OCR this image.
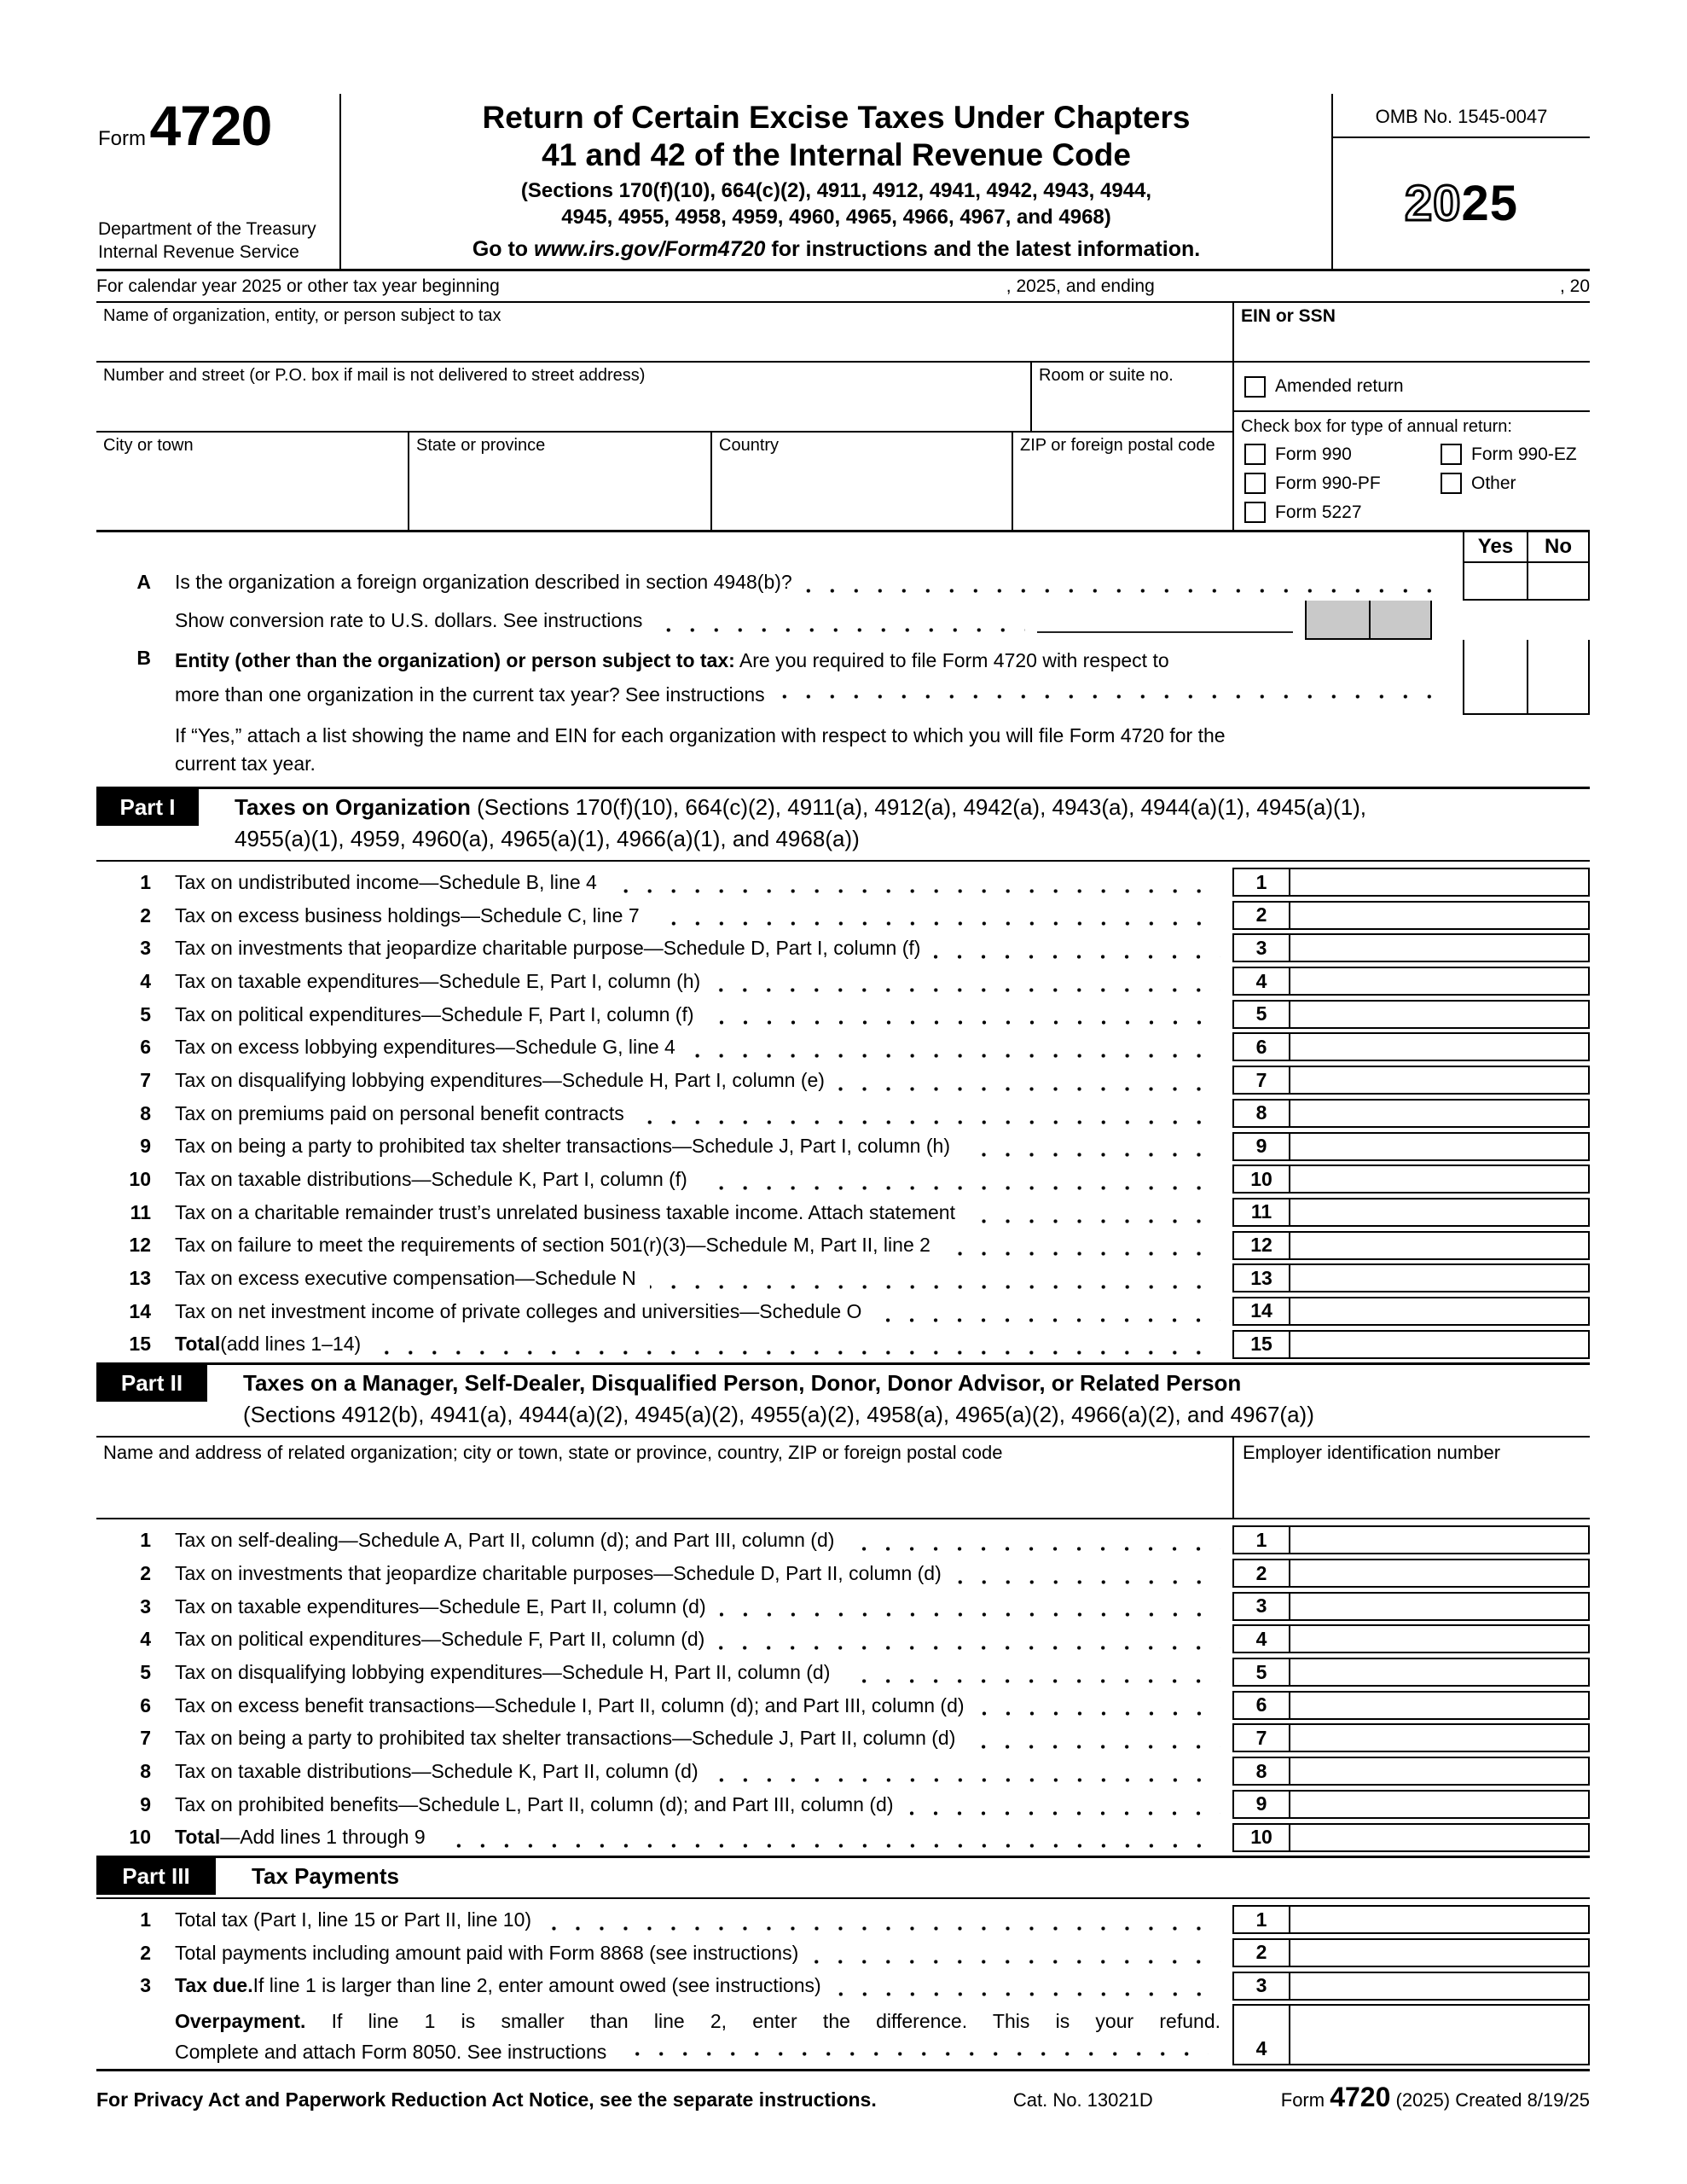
Form 4720
Department of the Treasury
Internal Revenue Service
Return of Certain Excise Taxes Under Chapters
41 and 42 of the Internal Revenue Code
(Sections 170(f)(10), 664(c)(2), 4911, 4912, 4941, 4942, 4943, 4944,
4945, 4955, 4958, 4959, 4960, 4965, 4966, 4967, and 4968)
Go to www.irs.gov/Form4720 for instructions and the latest information.
OMB No. 1545-0047
20 25
For calendar year 2025 or other tax year beginning	, 2025, and ending	, 20
Name of organization, entity, or person subject to tax
Number and street (or P.O. box if mail is not delivered to street address)	Room or suite no.
City or town	State or province	Country	ZIP or foreign postal code
EIN or SSN
Amended return
Check box for type of annual return:
Form 990	Form 990-EZ
Form 990-PF	Other
Form 5227
Yes	No
A Is the organization a foreign organization described in section 4948(b)?
Show conversion rate to U.S. dollars. See instructions
B Entity (other than the organization) or person subject to tax: Are you required to file Form 4720 with respect to
more than one organization in the current tax year? See instructions
If “Yes,” attach a list showing the name and EIN for each organization with respect to which you will file Form 4720 for the
current tax year.
Part I	Taxes on Organization (Sections 170(f)(10), 664(c)(2), 4911(a), 4912(a), 4942(a), 4943(a), 4944(a)(1), 4945(a)(1),
4955(a)(1), 4959, 4960(a), 4965(a)(1), 4966(a)(1), and 4968(a))
1 Tax on undistributed income—Schedule B, line 4	1
2 Tax on excess business holdings—Schedule C, line 7	2
3 Tax on investments that jeopardize charitable purpose—Schedule D, Part I, column (f)	3
4 Tax on taxable expenditures—Schedule E, Part I, column (h)	4
5 Tax on political expenditures—Schedule F, Part I, column (f)	5
6 Tax on excess lobbying expenditures—Schedule G, line 4	6
7 Tax on disqualifying lobbying expenditures—Schedule H, Part I, column (e)	7
8 Tax on premiums paid on personal benefit contracts	8
9 Tax on being a party to prohibited tax shelter transactions—Schedule J, Part I, column (h)	9
10 Tax on taxable distributions—Schedule K, Part I, column (f)	10
11 Tax on a charitable remainder trust’s unrelated business taxable income. Attach statement	11
12 Tax on failure to meet the requirements of section 501(r)(3)—Schedule M, Part II, line 2	12
13 Tax on excess executive compensation—Schedule N	13
14 Tax on net investment income of private colleges and universities—Schedule O	14
15 Total (add lines 1–14)	15
Part II	Taxes on a Manager, Self-Dealer, Disqualified Person, Donor, Donor Advisor, or Related Person
(Sections 4912(b), 4941(a), 4944(a)(2), 4945(a)(2), 4955(a)(2), 4958(a), 4965(a)(2), 4966(a)(2), and 4967(a))
Name and address of related organization; city or town, state or province, country, ZIP or foreign postal code	Employer identification number
1 Tax on self-dealing—Schedule A, Part II, column (d); and Part III, column (d)	1
2 Tax on investments that jeopardize charitable purposes—Schedule D, Part II, column (d)	2
3 Tax on taxable expenditures—Schedule E, Part II, column (d)	3
4 Tax on political expenditures—Schedule F, Part II, column (d)	4
5 Tax on disqualifying lobbying expenditures—Schedule H, Part II, column (d)	5
6 Tax on excess benefit transactions—Schedule I, Part II, column (d); and Part III, column (d)	6
7 Tax on being a party to prohibited tax shelter transactions—Schedule J, Part II, column (d)	7
8 Tax on taxable distributions—Schedule K, Part II, column (d)	8
9 Tax on prohibited benefits—Schedule L, Part II, column (d); and Part III, column (d)	9
10 Total —Add lines 1 through 9	10
Part III	Tax Payments
1 Total tax (Part I, line 15 or Part II, line 10)	1
2 Total payments including amount paid with Form 8868 (see instructions)	2
3 Tax due. If line 1 is larger than line 2, enter amount owed (see instructions)	3
Overpayment. If line 1 is smaller than line 2, enter the difference. This is your refund.
Complete and attach Form 8050. See instructions	4
For Privacy Act and Paperwork Reduction Act Notice, see the separate instructions.	Cat. No. 13021D	Form 4720 (2025) Created 8/19/25
